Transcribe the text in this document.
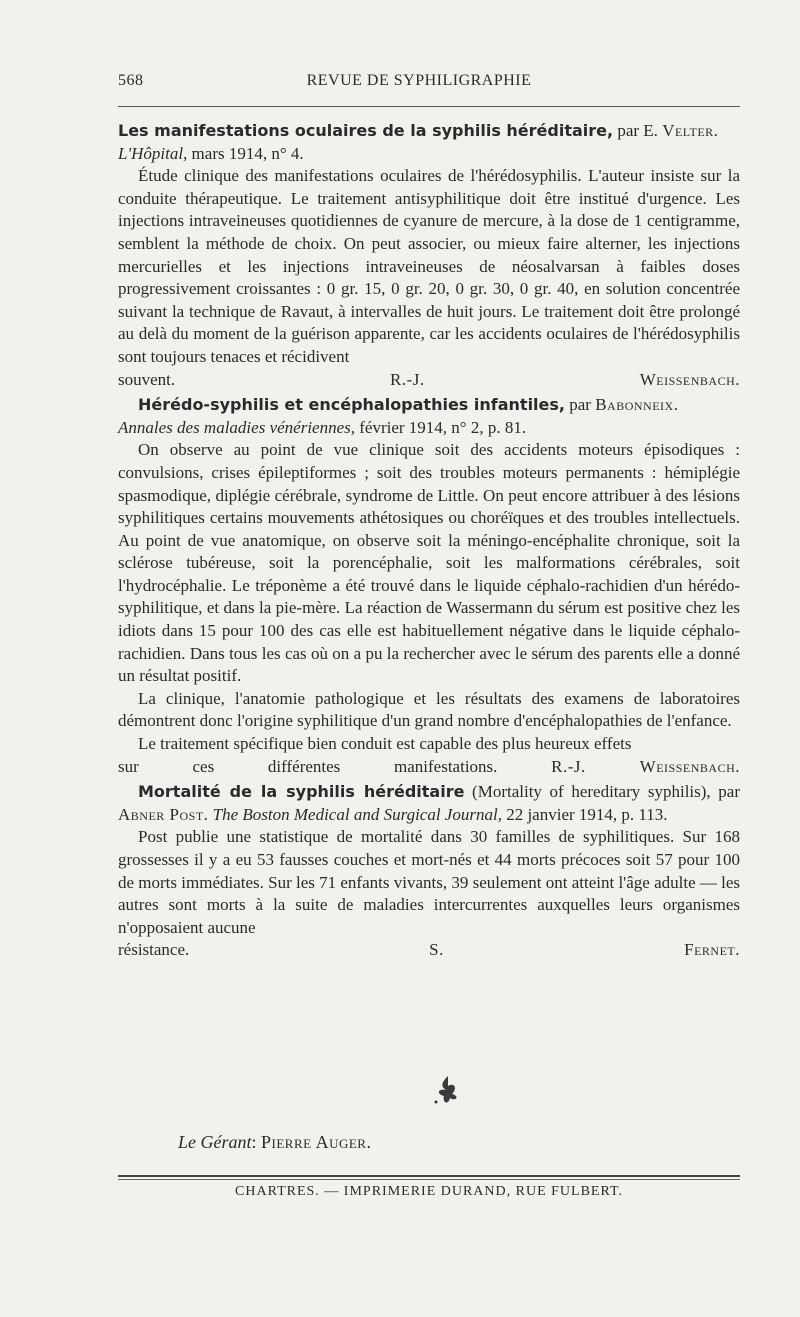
568	REVUE DE SYPHILIGRAPHIE

Les manifestations oculaires de la syphilis héréditaire, par E. Velter.
L'Hôpital, mars 1914, n° 4.

Étude clinique des manifestations oculaires de l'hérédosyphilis. L'auteur insiste sur la conduite thérapeutique. Le traitement antisyphilitique doit être institué d'urgence. Les injections intraveineuses quotidiennes de cyanure de mercure, à la dose de 1 centigramme, semblent la méthode de choix. On peut associer, ou mieux faire alterner, les injections mercurielles et les injections intraveineuses de néosalvarsan à faibles doses progressivement croissantes : 0 gr. 15, 0 gr. 20, 0 gr. 30, 0 gr. 40, en solution concentrée suivant la technique de Ravaut, à intervalles de huit jours. Le traitement doit être prolongé au delà du moment de la guérison apparente, car les accidents oculaires de l'hérédosyphilis sont toujours tenaces et récidivent

souvent.	R.-J. Weissenbach.

Hérédo-syphilis et encéphalopathies infantiles, par Babonneix.
Annales des maladies vénériennes, février 1914, n° 2, p. 81.

On observe au point de vue clinique soit des accidents moteurs épisodiques : convulsions, crises épileptiformes ; soit des troubles moteurs permanents : hémiplégie spasmodique, diplégie cérébrale, syndrome de Little. On peut encore attribuer à des lésions syphilitiques certains mouvements athétosiques ou choréïques et des troubles intellectuels. Au point de vue anatomique, on observe soit la méningo-encéphalite chronique, soit la sclérose tubéreuse, soit la porencéphalie, soit les malformations cérébrales, soit l'hydrocéphalie. Le tréponème a été trouvé dans le liquide céphalo-rachidien d'un hérédo-syphilitique, et dans la pie-mère. La réaction de Wassermann du sérum est positive chez les idiots dans 15 pour 100 des cas elle est habituellement négative dans le liquide céphalo-rachidien. Dans tous les cas où on a pu la rechercher avec le sérum des parents elle a donné un résultat positif.

La clinique, l'anatomie pathologique et les résultats des examens de laboratoires démontrent donc l'origine syphilitique d'un grand nombre d'encéphalopathies de l'enfance.

Le traitement spécifique bien conduit est capable des plus heureux effets

sur ces différentes manifestations.	R.-J. Weissenbach.

Mortalité de la syphilis héréditaire (Mortality of hereditary syphilis), par Abner Post. The Boston Medical and Surgical Journal, 22 janvier 1914, p. 113.

Post publie une statistique de mortalité dans 30 familles de syphilitiques. Sur 168 grossesses il y a eu 53 fausses couches et mort-nés et 44 morts précoces soit 57 pour 100 de morts immédiates. Sur les 71 enfants vivants, 39 seulement ont atteint l'âge adulte — les autres sont morts à la suite de maladies intercurrentes auxquelles leurs organismes n'opposaient aucune

résistance.	S. Fernet.

Le Gérant: Pierre Auger.
CHARTRES. — IMPRIMERIE DURAND, RUE FULBERT.
